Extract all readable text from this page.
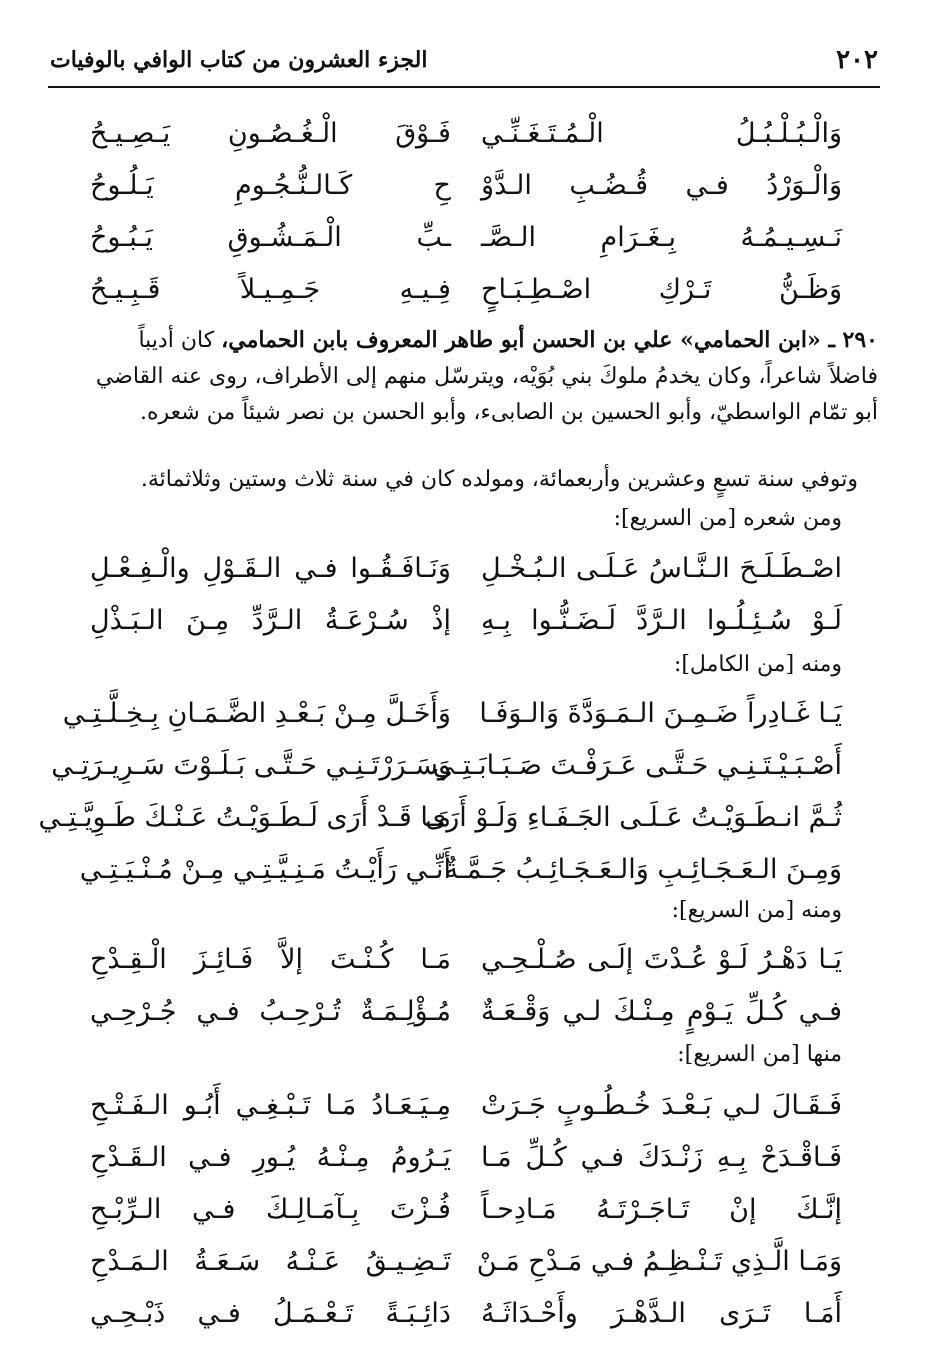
٢٠٢
الجزء العشرون من كتاب الوافي بالوفيات
وَالْـبُـلْـبُـلُ الْـمُـتَـغَـنِّـي
فَـوْقَ الْـغُـصُـونِ يَـصِـيـحُ
وَالْـوَرْدُ فـي قُـضُـبِ الـدَّوْ
حِ كَـالـنُّـجُـومِ يَـلُـوحُ
نَـسِـيـمُـهُ بِـغَـرَامِ الـصَّـ
ـبِّ الْـمَـشُـوقِ يَـبُـوحُ
وَظَـنُّ تَـرْكِ اصْـطِـبَـاحٍ
فِـيـهِ جَـمِـيـلاً قَـبِـيـحُ
٢٩٠ ـ «ابن الحمامي» علي بن الحسن أبو طاهر المعروف بابن الحمامي، كان أديباً
فاضلاً شاعراً، وكان يخدمُ ملوكَ بني بُوَيْه، ويترسّل منهم إلى الأطراف، روى عنه القاضي
أبو تمّام الواسطيّ، وأبو الحسين بن الصابىء، وأبو الحسن بن نصر شيئاً من شعره.
وتوفي سنة تسعٍ وعشرين وأربعمائة، ومولده كان في سنة ثلاث وستين وثلاثمائة.
ومن شعره [من السريع]:
اصْـطَـلَـحَ الـنَّـاسُ عَـلَـى الـبُـخْـلِ
وَنَـافَـقُـوا فـي الـقَـوْلِ والْـفِـعْـلِ
لَـوْ سُـئِـلُـوا الـرَّدَّ لَـضَـنُّـوا بِـهِ
إذْ سُـرْعَـةُ الـرَّدِّ مِـنَ الـبَـذْلِ
ومنه [من الكامل]:
يَـا غَـادِراً ضَـمِـنَ الـمَـوَدَّةَ وَالـوَفَـا
وَأَخَـلَّ مِـنْ بَـعْـدِ الضَّـمَـانِ بِـخِـلَّـتِـي
أَصْـبَـيْـتَـنِـي حَـتَّـى عَـرَفْـتَ صَـبَـابَـتِـي
وَسَـرَرْتَـنِـي حَـتَّـى بَـلَـوْتَ سَـرِيـرَتِـي
ثُـمَّ انـطَـوَيْـتُ عَـلَـى الجَـفَـاءِ وَلَـوْ أَرَى
مَـا قَـدْ أَرَى لَـطَـوَيْـتُ عَـنْـكَ طَـوِيَّـتِـي
وَمِـنَ الـعَـجَـائِـبِ وَالـعَـجَـائِـبُ جَـمَّـةٌ
أَنِّـي رَأَيْـتُ مَـنِـيَّـتِـي مِـنْ مُـنْـيَـتِـي
ومنه [من السريع]:
يَـا دَهْـرُ لَـوْ عُـدْتَ إلَـى صُـلْـحِـي
مَـا كُـنْـتَ إلاَّ فَـائِـزَ الْـقِـدْحِ
فـي كُـلِّ يَـوْمٍ مِـنْـكَ لـي وَقْـعَـةٌ
مُـؤْلِـمَـةٌ تُـرْحِـبُ فـي جُـرْحِـي
منها [من السريع]:
فَـقَـالَ لـي بَـعْـدَ خُـطُـوبٍ جَـرَتْ
مِـيَـعَـادُ مَـا تَـبْـغِـي أَبُـو الـفَـتْـحِ
فَـاقْـدَحْ بِـهِ زَنْـدَكَ فـي كُـلِّ مَـا
يَـرُومُ مِـنْـهُ يُـورِ فـي الـقَـدْحِ
إنَّـكَ إنْ تَـاجَـرْتَـهُ مَـادِحـاً
فُـزْتَ بِـآمَـالِـكَ فـي الـرِّبْـحِ
وَمَـا الَّـذِي تَـنْـظِـمُ فـي مَـدْحِ مَـنْ
تَـضِـيـقُ عَـنْـهُ سَـعَـةُ الـمَـدْحِ
أَمَـا تَـرَى الـدَّهْـرَ وأَحْـدَاثَـهُ
دَائِـبَـةً تَـعْـمَـلُ فـي ذَبْـحِـي
